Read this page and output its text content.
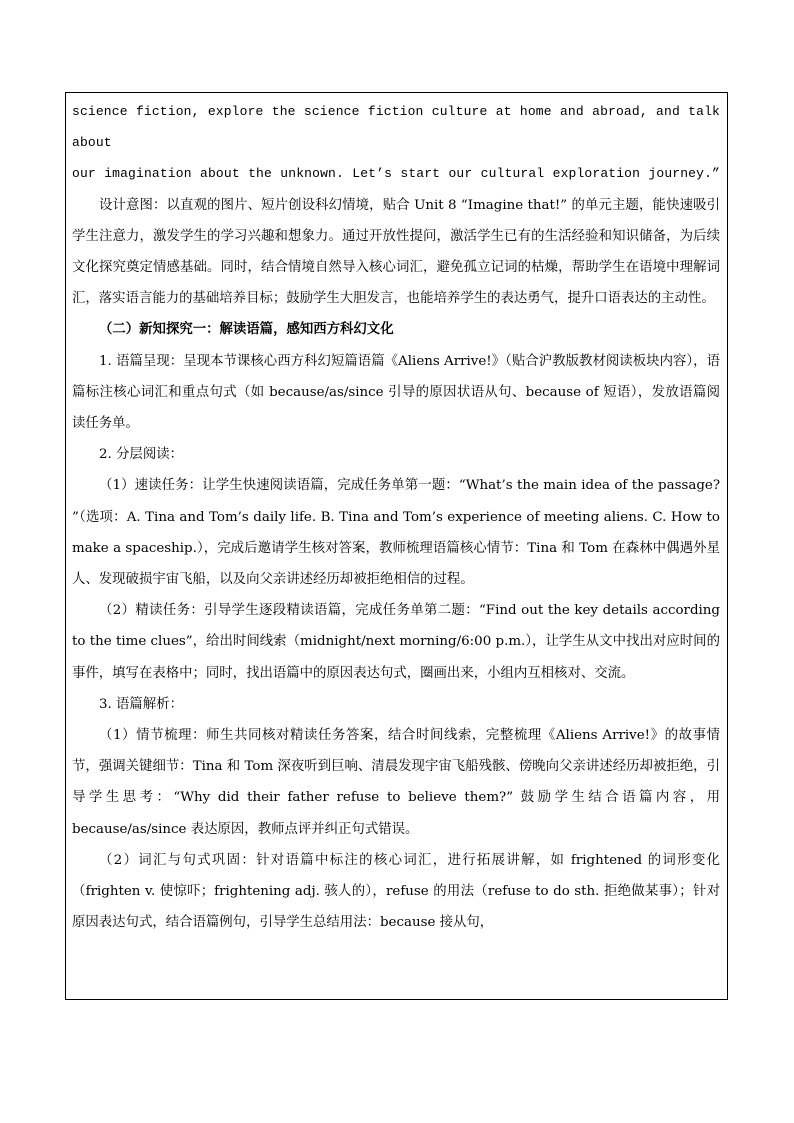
science fiction, explore the science fiction culture at home and abroad, and talk about

our imagination about the unknown. Let’s start our cultural exploration journey.”

设计意图：以直观的图片、短片创设科幻情境，贴合 Unit 8 “Imagine that!” 的单元主题，能快速吸引学生注意力，激发学生的学习兴趣和想象力。通过开放性提问，激活学生已有的生活经验和知识储备，为后续文化探究奠定情感基础。同时，结合情境自然导入核心词汇，避免孤立记词的枯燥，帮助学生在语境中理解词汇，落实语言能力的基础培养目标；鼓励学生大胆发言，也能培养学生的表达勇气，提升口语表达的主动性。

（二）新知探究一：解读语篇，感知西方科幻文化

1. 语篇呈现：呈现本节课核心西方科幻短篇语篇《Aliens Arrive!》（贴合沪教版教材阅读板块内容），语篇标注核心词汇和重点句式（如 because/as/since 引导的原因状语从句、because of 短语），发放语篇阅读任务单。

2. 分层阅读：

（1）速读任务：让学生快速阅读语篇，完成任务单第一题：“What’s the main idea of the passage? ”（选项：A. Tina and Tom’s daily life. B. Tina and Tom’s experience of meeting aliens. C. How to make a spaceship.），完成后邀请学生核对答案，教师梳理语篇核心情节：Tina 和 Tom 在森林中偶遇外星人、发现破损宇宙飞船，以及向父亲讲述经历却被拒绝相信的过程。

（2）精读任务：引导学生逐段精读语篇，完成任务单第二题：“Find out the key details according to the time clues”，给出时间线索（midnight/next morning/6:00 p.m.），让学生从文中找出对应时间的事件，填写在表格中；同时，找出语篇中的原因表达句式，圈画出来，小组内互相核对、交流。

3. 语篇解析：

（1）情节梳理：师生共同核对精读任务答案，结合时间线索，完整梳理《Aliens Arrive!》的故事情节，强调关键细节：Tina 和 Tom 深夜听到巨响、清晨发现宇宙飞船残骸、傍晚向父亲讲述经历却被拒绝，引导学生思考：“Why did their father refuse to believe them?” 鼓励学生结合语篇内容，用 because/as/since 表达原因，教师点评并纠正句式错误。

（2）词汇与句式巩固：针对语篇中标注的核心词汇，进行拓展讲解，如 frightened 的词形变化（frighten v. 使惊吓；frightening adj. 骇人的），refuse 的用法（refuse to do sth. 拒绝做某事）；针对原因表达句式，结合语篇例句，引导学生总结用法：because 接从句，
